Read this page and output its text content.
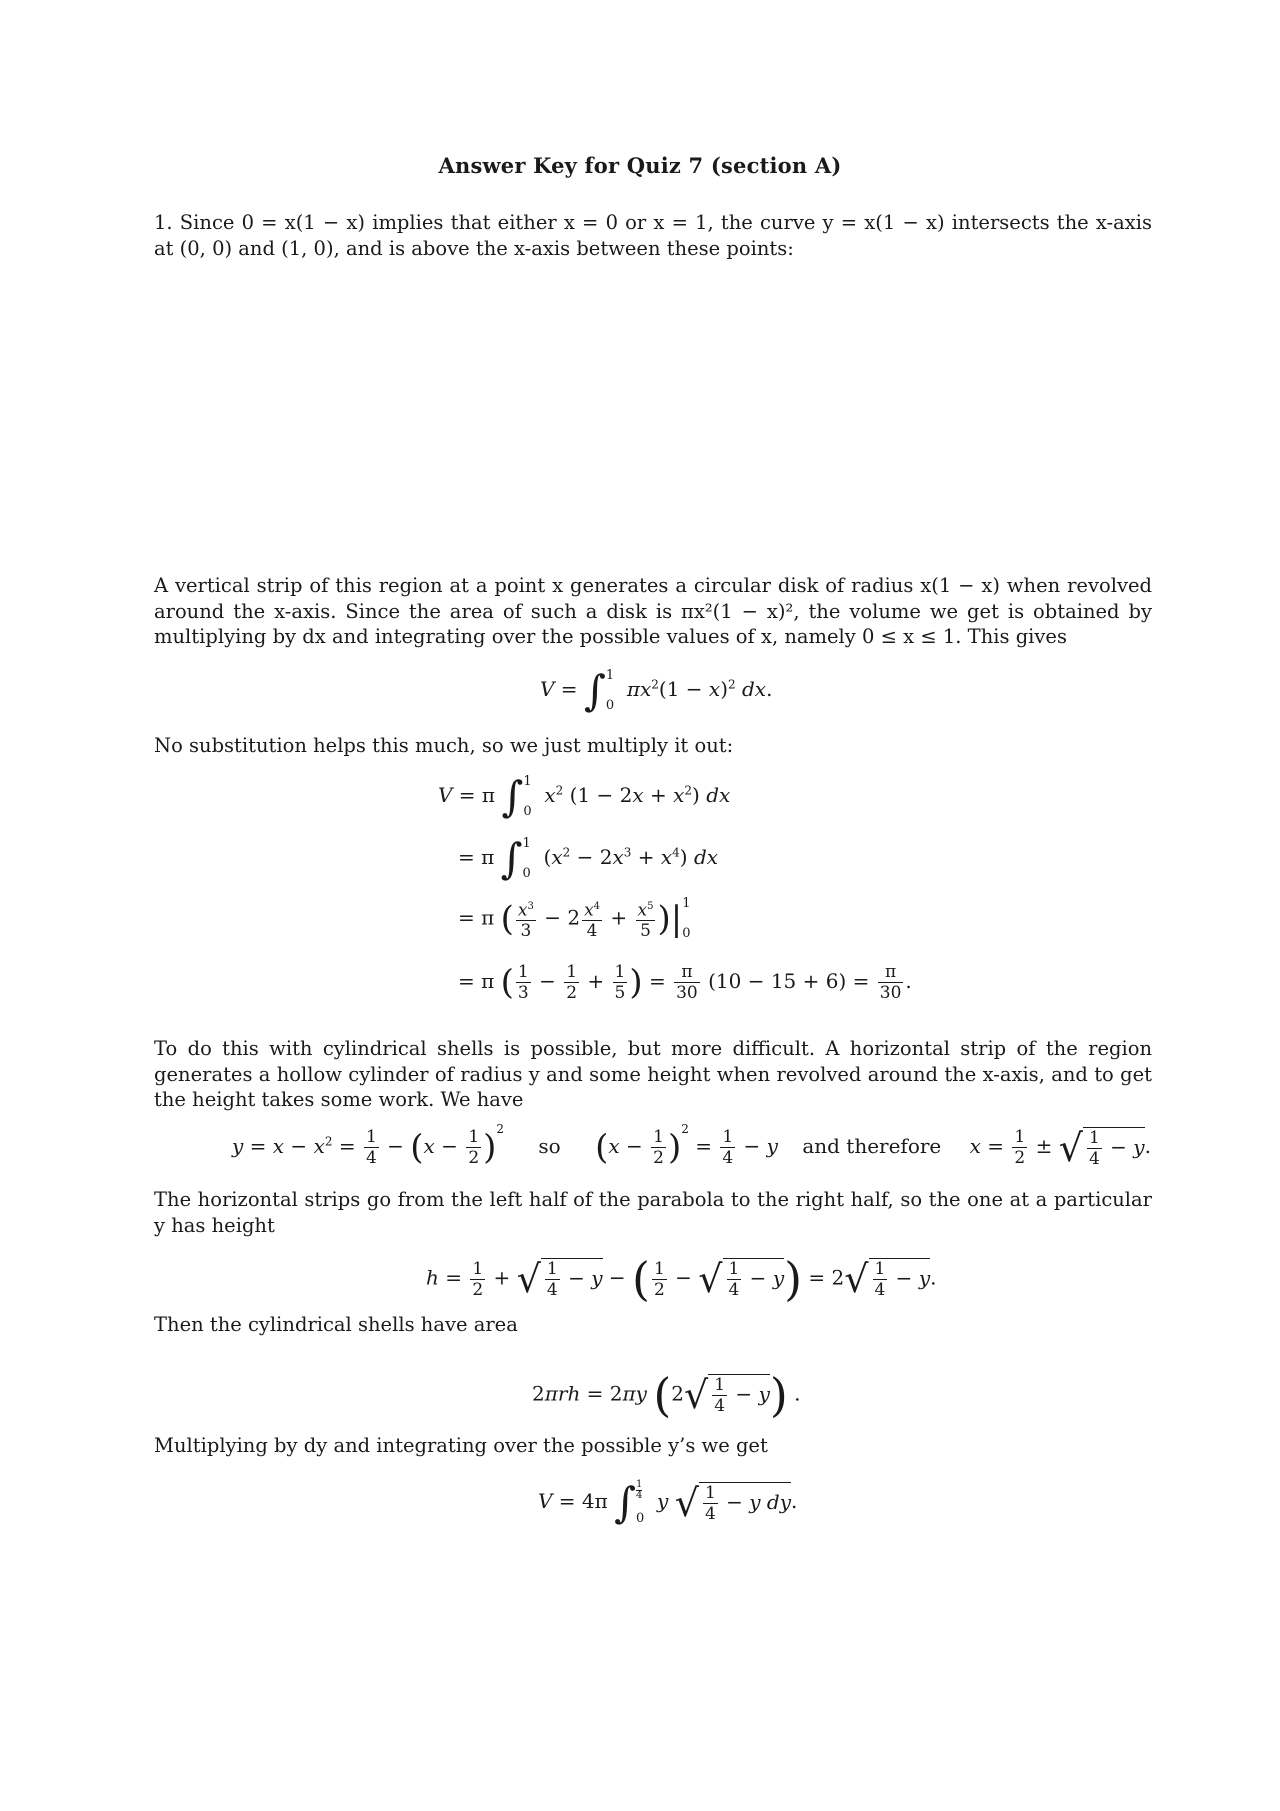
Answer Key for Quiz 7 (section A)

1. Since 0 = x(1 − x) implies that either x = 0 or x = 1, the curve y = x(1 − x) intersects the x-axis at (0, 0) and (1, 0), and is above the x-axis between these points:

A vertical strip of this region at a point x generates a circular disk of radius x(1 − x) when revolved around the x-axis. Since the area of such a disk is πx²(1 − x)², the volume we get is obtained by multiplying by dx and integrating over the possible values of x, namely 0 ≤ x ≤ 1. This gives

V = ∫ 1
0
$\pi x^2(1 - x)^2$ dx.

No substitution helps this much, so we just multiply it out:

V = π ∫ 1
0
$x^2$ $(1 - 2x + x^2)$ dx
= π ∫ 1
0
$(x^2 - 2x^3 + x^4)$ dx
= π ( $\frac{x^3}{3} - 2 \frac{x^4}{4} + \frac{x^5}{5}$ )| 1
0
= π ( $\frac{1}{3} - \frac{1}{2} + \frac{1}{5}$ ) = $\frac{\pi}{30} (10 - 15 + 6) = \frac{\pi}{30}$ .

To do this with cylindrical shells is possible, but more difficult. A horizontal strip of the region generates a hollow cylinder of radius y and some height when revolved around the x-axis, and to get the height takes some work. We have

$y = x - x^2 = \frac{1}{4} - (x - \frac{1}{2} )^2$ so $(x - \frac{1}{2} )^2 = \frac{1}{4} - y$ and therefore $x = \frac{1}{2}$ ± √ $\frac{1}{4} - y$.

The horizontal strips go from the left half of the parabola to the right half, so the one at a particular y has height

$h = \frac{1}{2}$ + √ $\frac{1}{4} - y$ − ( $\frac{1}{2}$ − √ $\frac{1}{4} - y) = 2√ \frac{1}{4} - y$.

Then the cylindrical shells have area

2πrh = 2πy $(2√ \frac{1}{4} - y)$ .

Multiplying by dy and integrating over the possible y’s we get

V = 4π ∫ $\frac{1}{4}$
0
y √ $\frac{1}{4} - y$ dy.
